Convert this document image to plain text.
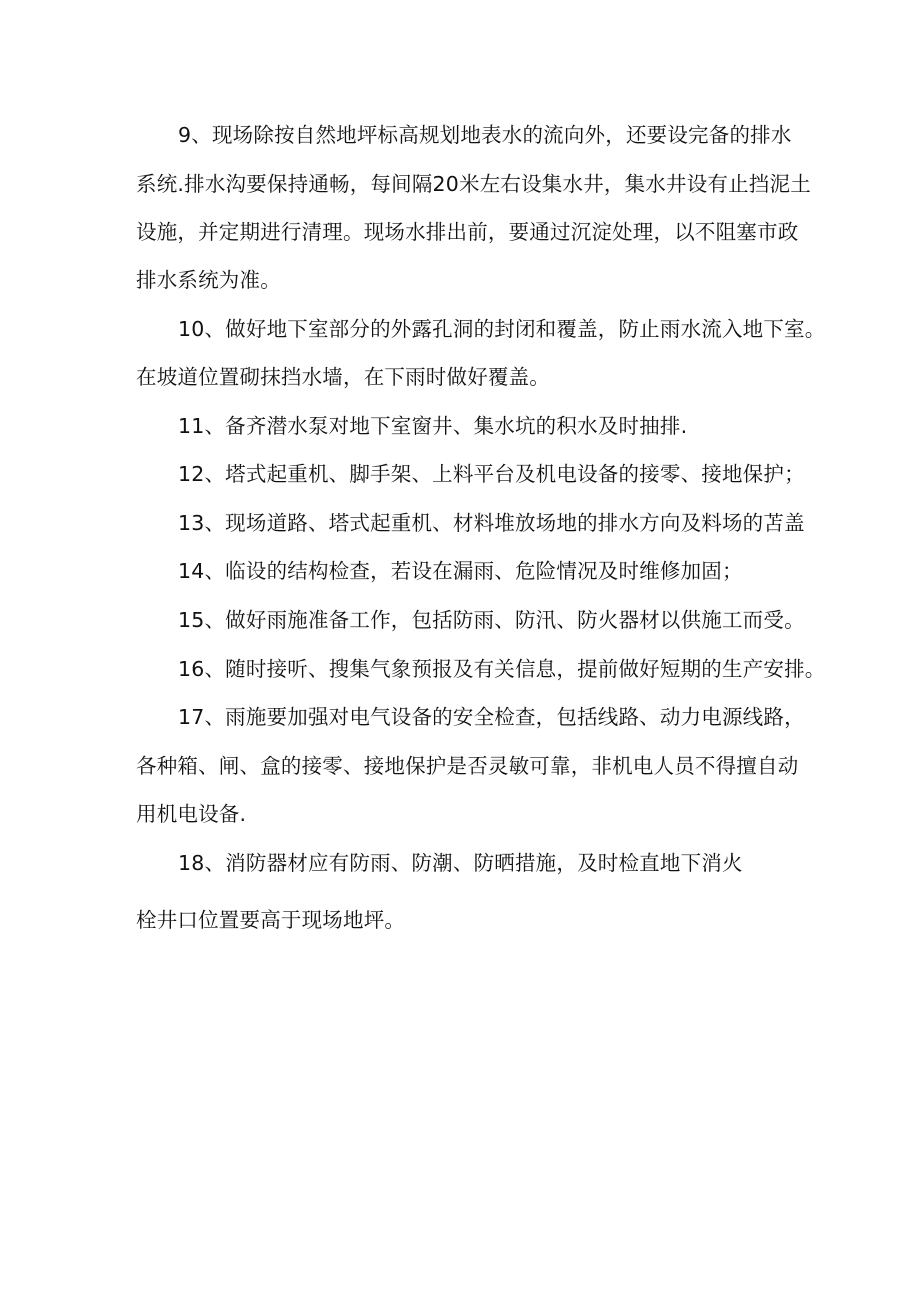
9、现场除按自然地坪标高规划地表水的流向外，还要设完备的排水
系统.排水沟要保持通畅，每间隔20米左右设集水井，集水井设有止挡泥土
设施，并定期进行清理。现场水排出前，要通过沉淀处理，以不阻塞市政
排水系统为准。
10、做好地下室部分的外露孔洞的封闭和覆盖，防止雨水流入地下室。
在坡道位置砌抹挡水墙，在下雨时做好覆盖。
11、备齐潜水泵对地下室窗井、集水坑的积水及时抽排.
12、塔式起重机、脚手架、上料平台及机电设备的接零、接地保护；
13、现场道路、塔式起重机、材料堆放场地的排水方向及料场的苫盖
14、临设的结构检查，若设在漏雨、危险情况及时维修加固；
15、做好雨施准备工作，包括防雨、防汛、防火器材以供施工而受。
16、随时接听、搜集气象预报及有关信息，提前做好短期的生产安排。
17、雨施要加强对电气设备的安全检查，包括线路、动力电源线路，
各种箱、闸、盒的接零、接地保护是否灵敏可靠，非机电人员不得擅自动
用机电设备.
18、消防器材应有防雨、防潮、防晒措施，及时检直地下消火
栓井口位置要高于现场地坪。
